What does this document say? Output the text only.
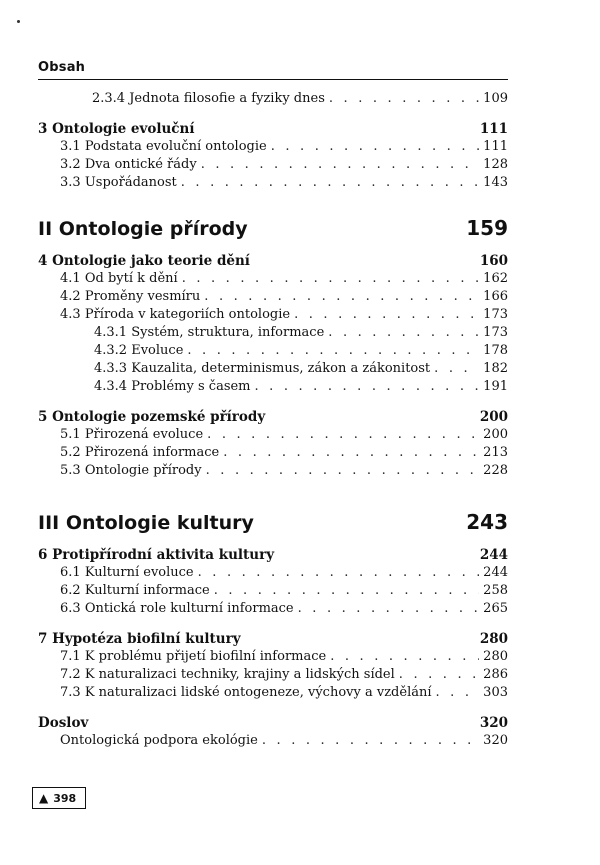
Obsah
2.3.4 Jednota filosofie a fyziky dnes . . .	109
3 Ontologie evoluční	111
3.1 Podstata evoluční ontologie . . .	111
3.2 Dva ontické řády . . .	128
3.3 Uspořádanost . . .	143
II Ontologie přírody	159
4 Ontologie jako teorie dění	160
4.1 Od bytí k dění . . .	162
4.2 Proměny vesmíru . . .	166
4.3 Příroda v kategoriích ontologie . . .	173
4.3.1 Systém, struktura, informace . . .	173
4.3.2 Evoluce . . .	178
4.3.3 Kauzalita, determinismus, zákon a zákonitost . . .	182
4.3.4 Problémy s časem . . .	191
5 Ontologie pozemské přírody	200
5.1 Přirozená evoluce . . .	200
5.2 Přirozená informace . . .	213
5.3 Ontologie přírody . . .	228
III Ontologie kultury	243
6 Protipřírodní aktivita kultury	244
6.1 Kulturní evoluce . . .	244
6.2 Kulturní informace . . .	258
6.3 Ontická role kulturní informace . . .	265
7 Hypotéza biofilní kultury	280
7.1 K problému přijetí biofilní informace . . .	280
7.2 K naturalizaci techniky, krajiny a lidských sídel . . .	286
7.3 K naturalizaci lidské ontogeneze, výchovy a vzdělání . . .	303
Doslov	320
Ontologická podpora ekológie . . .	320
▲ 398
